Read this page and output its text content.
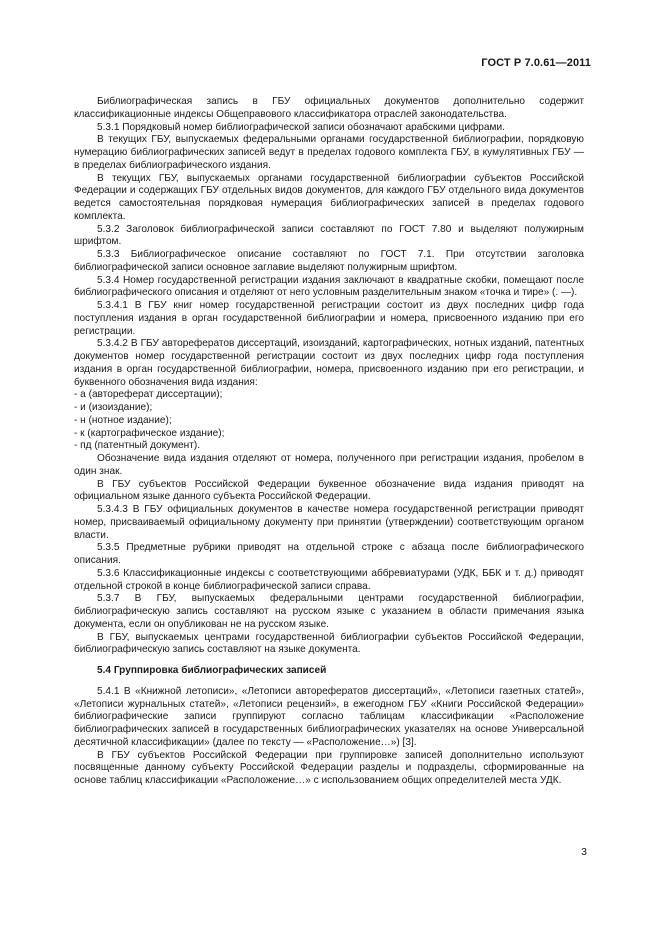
ГОСТ Р 7.0.61—2011

Библиографическая запись в ГБУ официальных документов дополнительно содержит классификационные индексы Общеправового классификатора отраслей законодательства.

5.3.1 Порядковый номер библиографической записи обозначают арабскими цифрами.

В текущих ГБУ, выпускаемых федеральными органами государственной библиографии, порядковую нумерацию библиографических записей ведут в пределах годового комплекта ГБУ, в кумулятивных ГБУ — в пределах библиографического издания.

В текущих ГБУ, выпускаемых органами государственной библиографии субъектов Российской Федерации и содержащих ГБУ отдельных видов документов, для каждого ГБУ отдельного вида документов ведется самостоятельная порядковая нумерация библиографических записей в пределах годового комплекта.

5.3.2 Заголовок библиографической записи составляют по ГОСТ 7.80 и выделяют полужирным шрифтом.

5.3.3 Библиографическое описание составляют по ГОСТ 7.1. При отсутствии заголовка библиографической записи основное заглавие выделяют полужирным шрифтом.

5.3.4 Номер государственной регистрации издания заключают в квадратные скобки, помещают после библиографического описания и отделяют от него условным разделительным знаком «точка и тире» (. —).

5.3.4.1 В ГБУ книг номер государственной регистрации состоит из двух последних цифр года поступления издания в орган государственной библиографии и номера, присвоенного изданию при его регистрации.

5.3.4.2 В ГБУ авторефератов диссертаций, изоизданий, картографических, нотных изданий, патентных документов номер государственной регистрации состоит из двух последних цифр года поступления издания в орган государственной библиографии, номера, присвоенного изданию при его регистрации, и буквенного обозначения вида издания:

- а (автореферат диссертации);

- и (изоиздание);

- н (нотное издание);

- к (картографическое издание);

- пд (патентный документ).

Обозначение вида издания отделяют от номера, полученного при регистрации издания, пробелом в один знак.

В ГБУ субъектов Российской Федерации буквенное обозначение вида издания приводят на официальном языке данного субъекта Российской Федерации.

5.3.4.3 В ГБУ официальных документов в качестве номера государственной регистрации приводят номер, присваиваемый официальному документу при принятии (утверждении) соответствующим органом власти.

5.3.5 Предметные рубрики приводят на отдельной строке с абзаца после библиографического описания.

5.3.6 Классификационные индексы с соответствующими аббревиатурами (УДК, ББК и т. д.) приводят отдельной строкой в конце библиографической записи справа.

5.3.7 В ГБУ, выпускаемых федеральными центрами государственной библиографии, библиографическую запись составляют на русском языке с указанием в области примечания языка документа, если он опубликован не на русском языке.

В ГБУ, выпускаемых центрами государственной библиографии субъектов Российской Федерации, библиографическую запись составляют на языке документа.

5.4 Группировка библиографических записей

5.4.1 В «Книжной летописи», «Летописи авторефератов диссертаций», «Летописи газетных статей», «Летописи журнальных статей», «Летописи рецензий», в ежегодном ГБУ «Книги Российской Федерации» библиографические записи группируют согласно таблицам классификации «Расположение библиографических записей в государственных библиографических указателях на основе Универсальной десятичной классификации» (далее по тексту — «Расположение…») [3].

В ГБУ субъектов Российской Федерации при группировке записей дополнительно используют посвященные данному субъекту Российской Федерации разделы и подразделы, сформированные на основе таблиц классификации «Расположение…» с использованием общих определителей места УДК.

3
